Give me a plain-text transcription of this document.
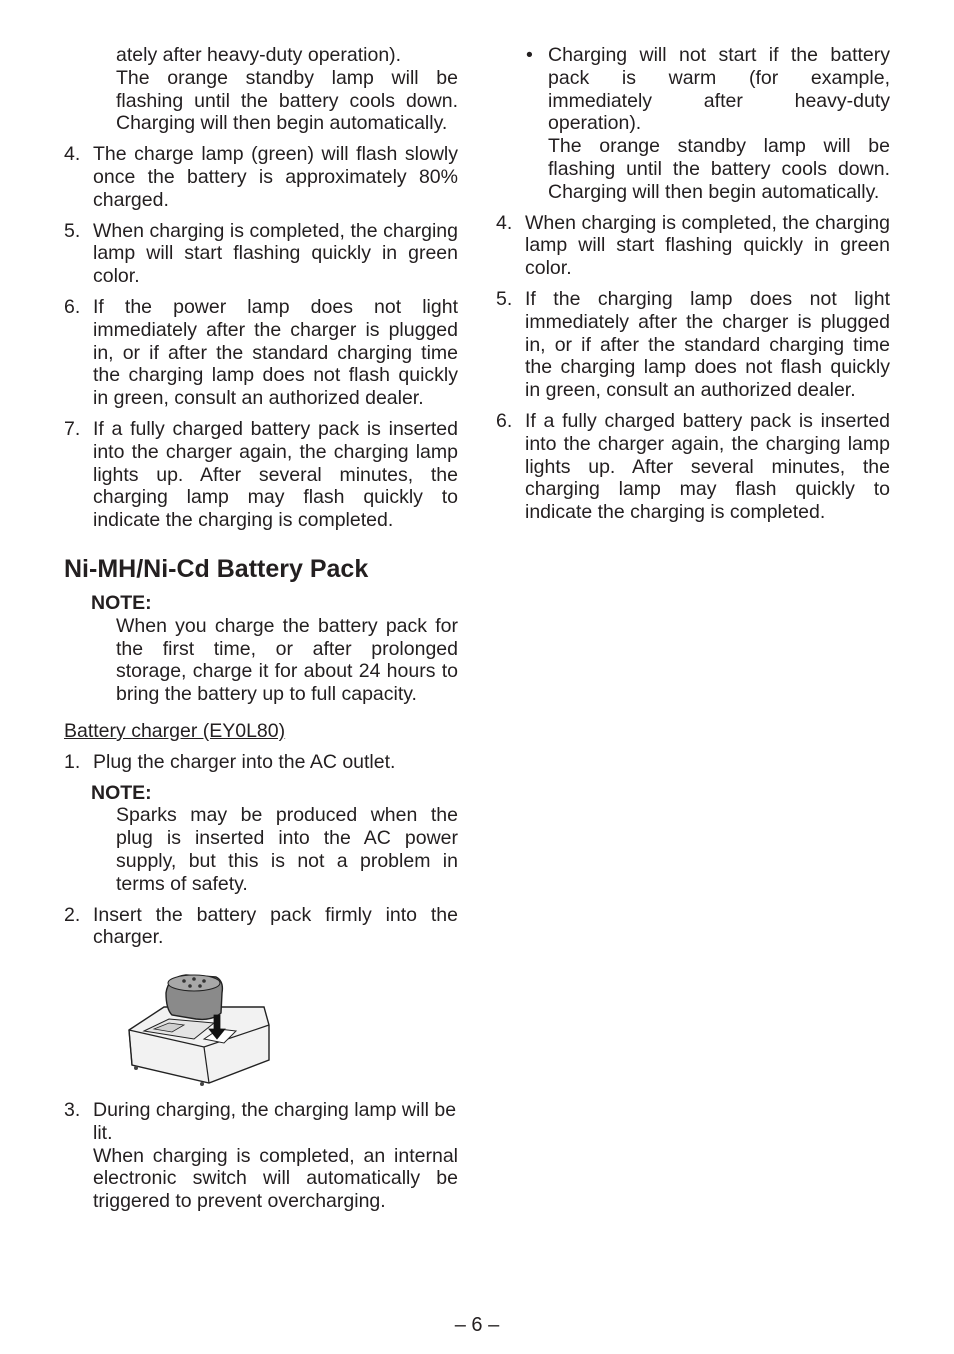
ately after heavy-duty operation).

The orange standby lamp will be flashing until the battery cools down. Charging will then begin automatically.

4. The charge lamp (green) will flash slowly once the battery is approximately 80% charged.
5. When charging is completed, the charging lamp will start flashing quickly in green color.
6. If the power lamp does not light immediately after the charger is plugged in, or if after the standard charging time the charging lamp does not flash quickly in green, consult an authorized dealer.
7. If a fully charged battery pack is inserted into the charger again, the charging lamp lights up. After several minutes, the charging lamp may flash quickly to indicate the charging is completed.
Ni-MH/Ni-Cd Battery Pack

NOTE:

When you charge the battery pack for the first time, or after prolonged storage, charge it for about 24 hours to bring the battery up to full capacity.

Battery charger (EY0L80)

1. Plug the charger into the AC outlet.

NOTE:

Sparks may be produced when the plug is inserted into the AC power supply, but this is not a problem in terms of safety.

2. Insert the battery pack firmly into the charger.
3. During charging, the charging lamp will be lit.

When charging is completed, an internal electronic switch will automatically be triggered to prevent overcharging.

• Charging will not start if the battery pack is warm (for example, immediately after heavy-duty operation).

The orange standby lamp will be flashing until the battery cools down. Charging will then begin automatically.

4. When charging is completed, the charging lamp will start flashing quickly in green color.
5. If the charging lamp does not light immediately after the charger is plugged in, or if after the standard charging time the charging lamp does not flash quickly in green, consult an authorized dealer.
6. If a fully charged battery pack is inserted into the charger again, the charging lamp lights up. After several minutes, the charging lamp may flash quickly to indicate the charging is completed.
– 6 –
